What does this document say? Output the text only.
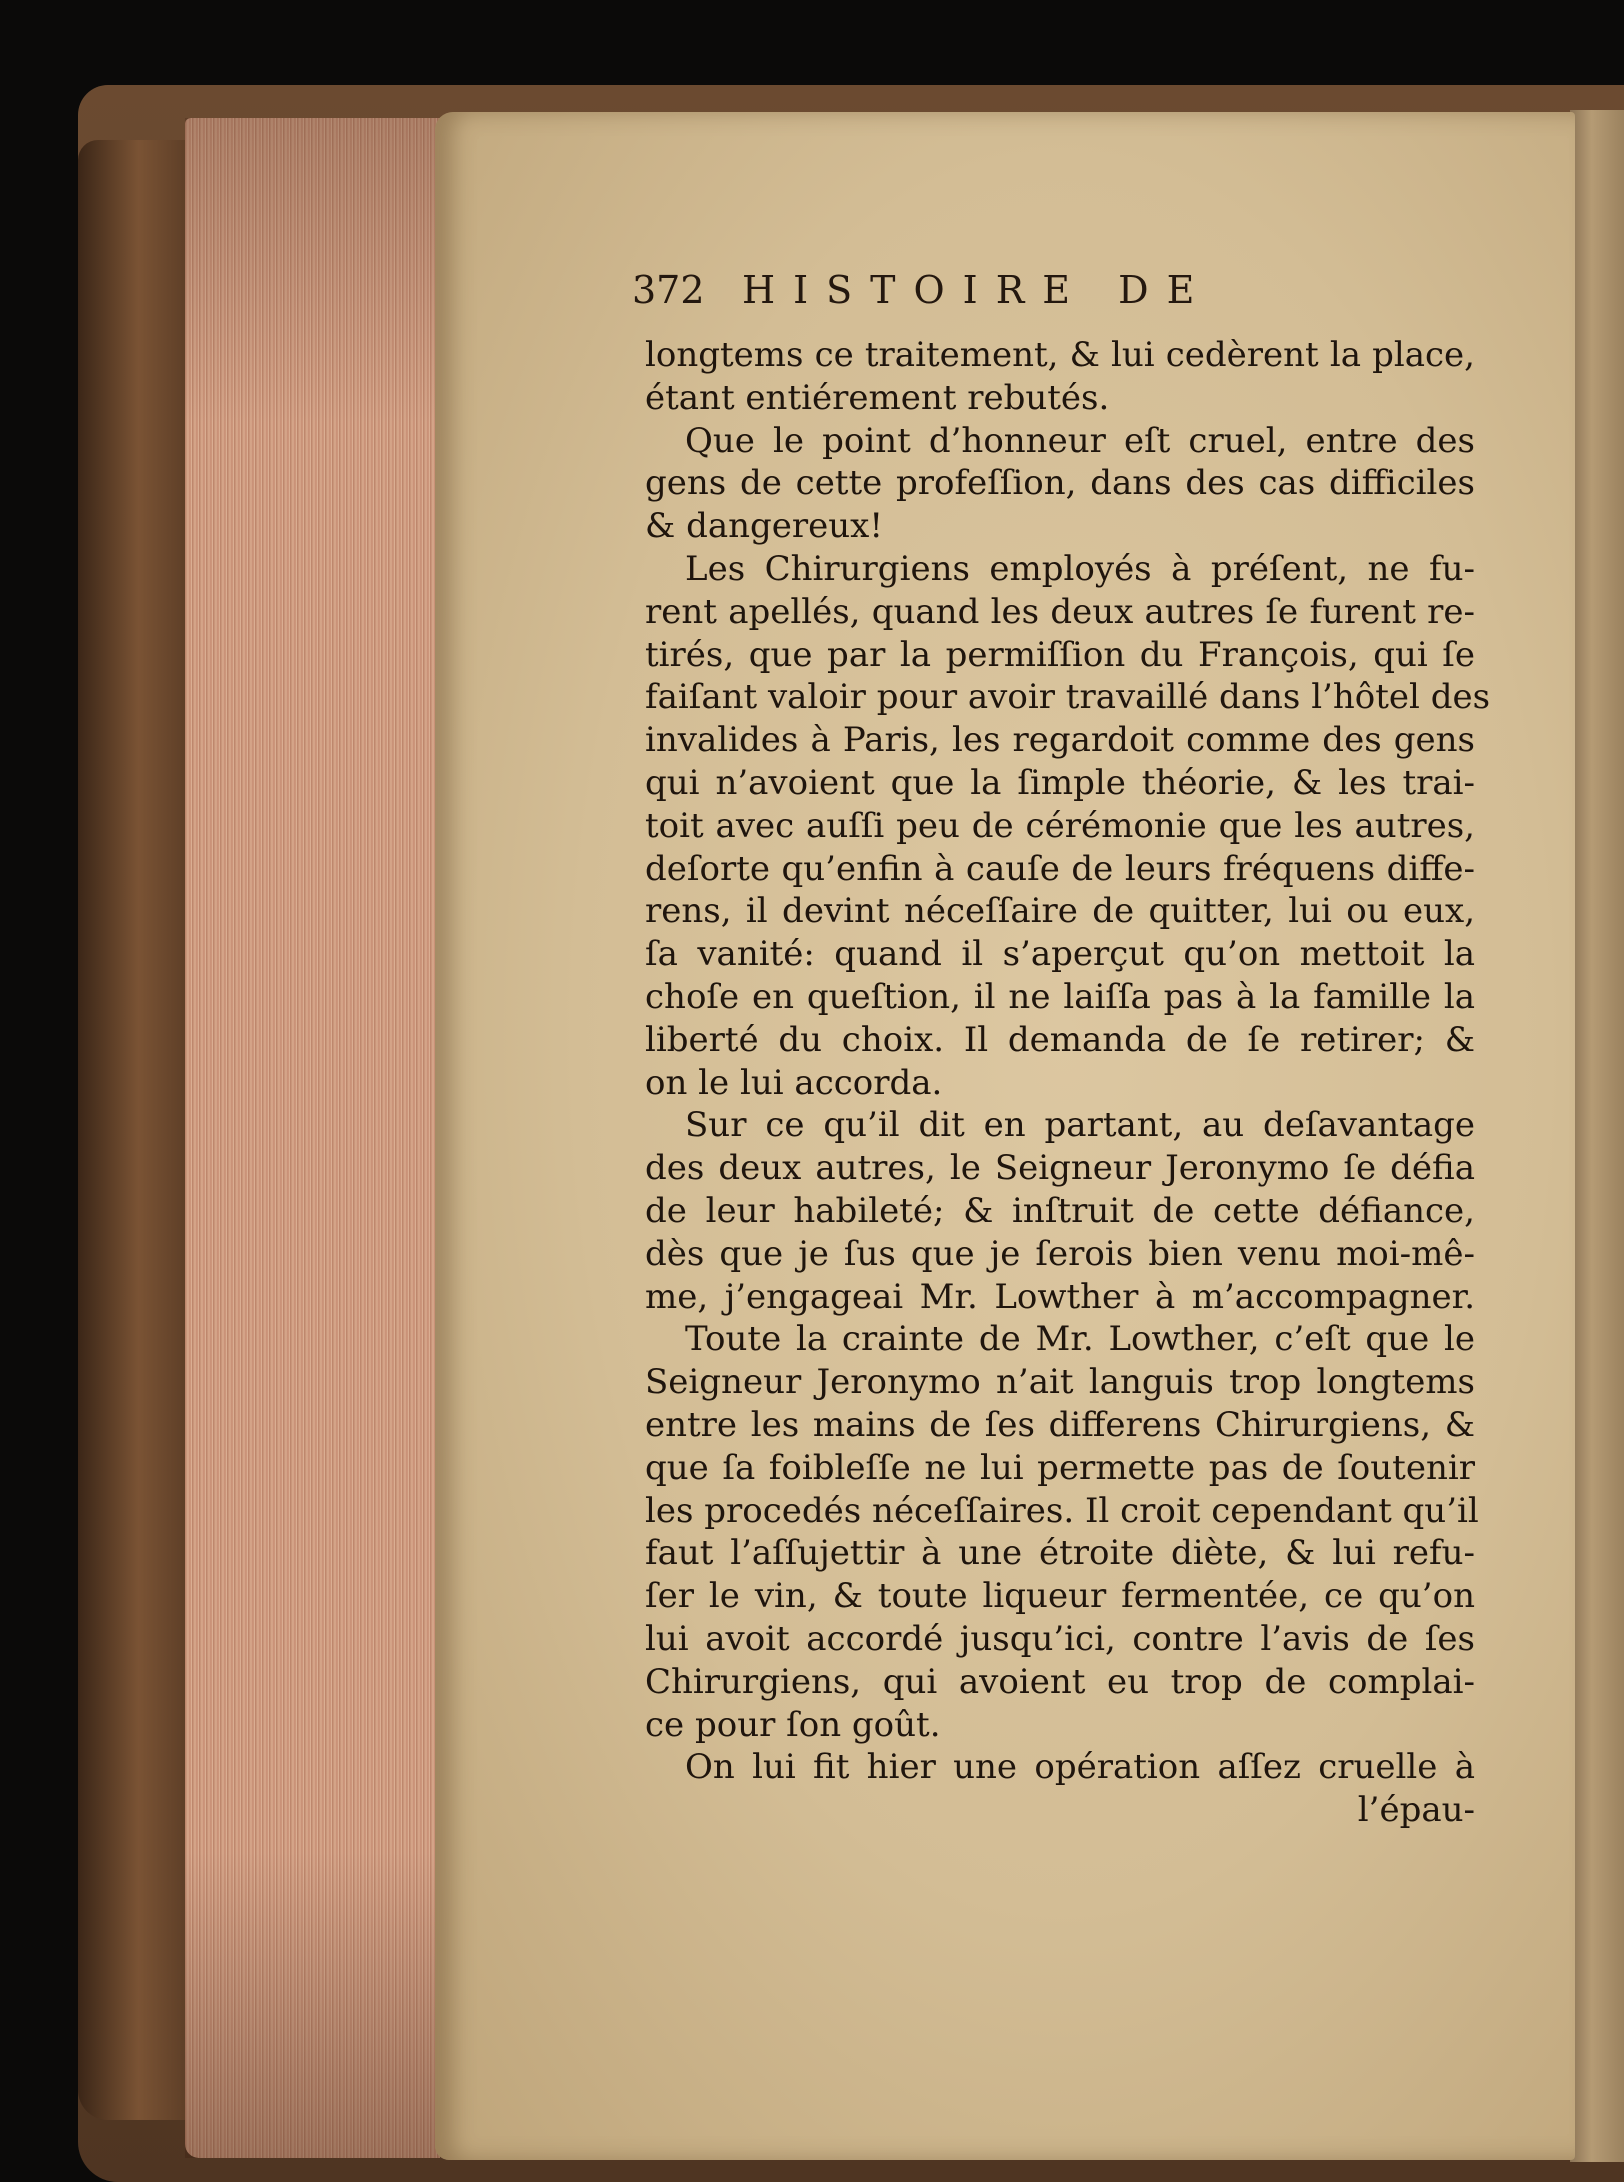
372 HISTOIRE DE
longtems ce traitement, & lui cedèrent la place,
étant entiérement rebutés.
Que le point d’honneur eſt cruel, entre des
gens de cette profeſſion, dans des cas difficiles
& dangereux!
Les Chirurgiens employés à préſent, ne fu-
rent apellés, quand les deux autres ſe furent re-
tirés, que par la permiſſion du François, qui ſe
faiſant valoir pour avoir travaillé dans l’hôtel des
invalides à Paris, les regardoit comme des gens
qui n’avoient que la ſimple théorie, & les trai-
toit avec auſſi peu de cérémonie que les autres,
deſorte qu’enfin à cauſe de leurs fréquens diffe-
rens, il devint néceſſaire de quitter, lui ou eux,
ſa vanité: quand il s’aperçut qu’on mettoit la
choſe en queſtion, il ne laiſſa pas à la famille la
liberté du choix. Il demanda de ſe retirer; &
on le lui accorda.
Sur ce qu’il dit en partant, au deſavantage
des deux autres, le Seigneur Jeronymo ſe défia
de leur habileté; & inſtruit de cette défiance,
dès que je ſus que je ſerois bien venu moi-mê-
me, j’engageai Mr. Lowther à m’accompagner.
Toute la crainte de Mr. Lowther, c’eſt que le
Seigneur Jeronymo n’ait languis trop longtems
entre les mains de ſes differens Chirurgiens, &
que ſa foibleſſe ne lui permette pas de ſoutenir
les procedés néceſſaires. Il croit cependant qu’il
faut l’aſſujettir à une étroite diète, & lui refu-
ſer le vin, & toute liqueur fermentée, ce qu’on
lui avoit accordé jusqu’ici, contre l’avis de ſes
Chirurgiens, qui avoient eu trop de complai-
ce pour ſon goût.
On lui fit hier une opération aſſez cruelle à
l’épau-
